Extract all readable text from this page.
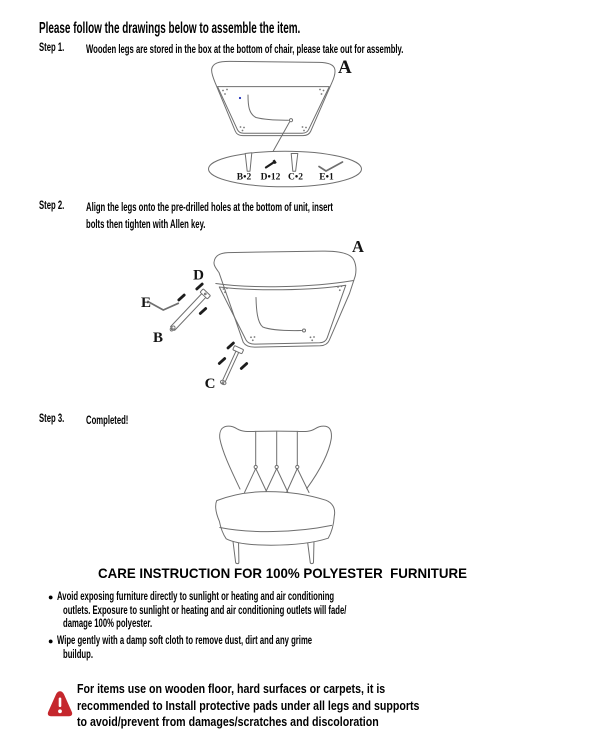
Please follow the drawings below to assemble the item.
Step 1.	Wooden legs are stored in the box at the bottom of chair, please take out for assembly.
A
B•2 D•12 C•2 E•1
Step 2.	Align the legs onto the pre-drilled holes at the bottom of unit, insert
bolts then tighten with Allen key.
A
B
C
D
E
Step 3.	Completed!
CARE INSTRUCTION FOR 100% POLYESTER  FURNITURE
● Avoid exposing furniture directly to sunlight or heating and air conditioning
outlets. Exposure to sunlight or heating and air conditioning outlets will fade/
damage 100% polyester.
● Wipe gently with a damp soft cloth to remove dust, dirt and any grime
buildup.
For items use on wooden floor, hard surfaces or carpets, it is
recommended to Install protective pads under all legs and supports
to avoid/prevent from damages/scratches and discoloration
